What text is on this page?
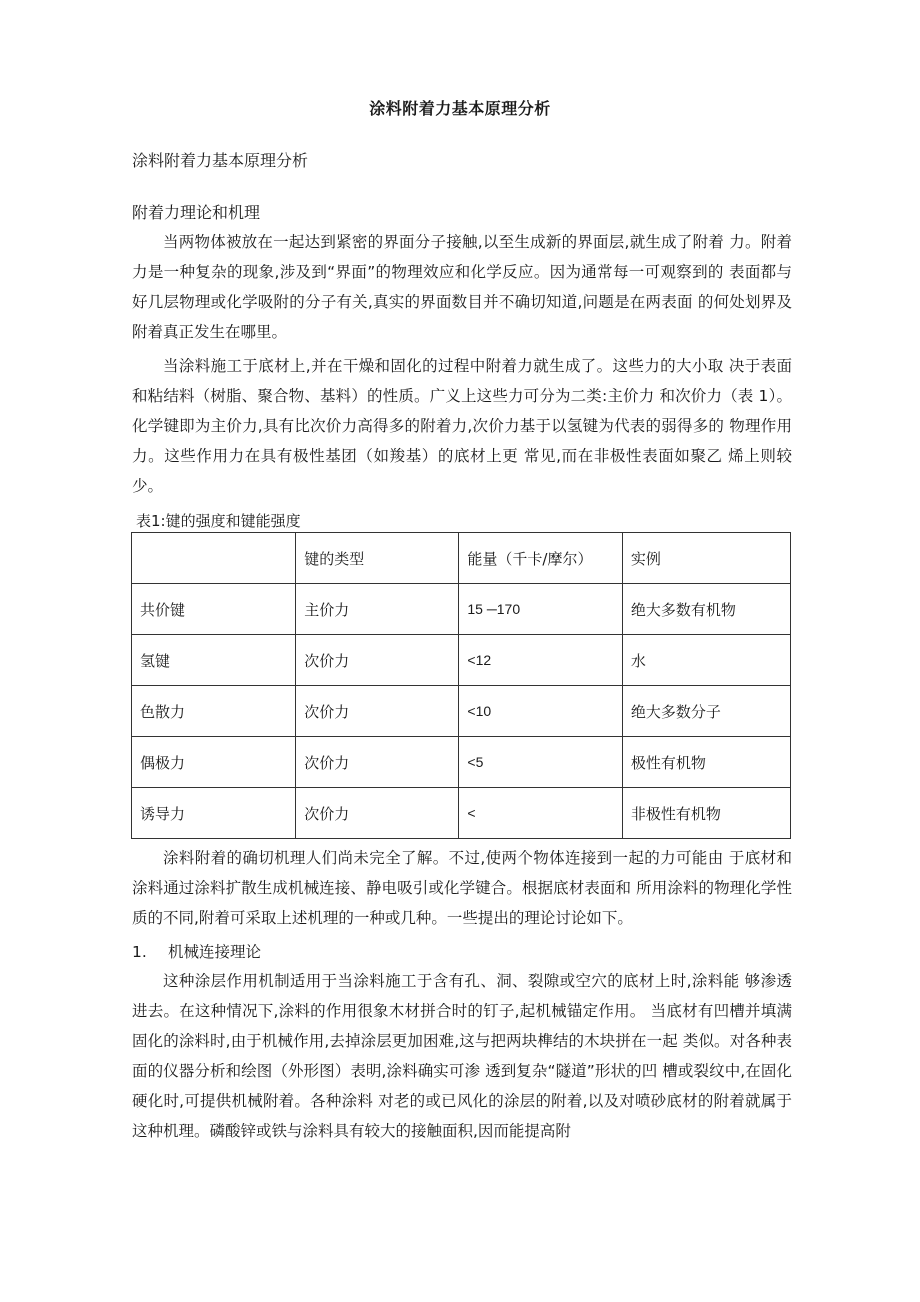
涂料附着力基本原理分析
涂料附着力基本原理分析
附着力理论和机理

当两物体被放在一起达到紧密的界面分子接触,以至生成新的界面层,就生成了附着 力。附着力是一种复杂的现象,涉及到“界面”的物理效应和化学反应。因为通常每一可观察到的 表面都与好几层物理或化学吸附的分子有关,真实的界面数目并不确切知道,问题是在两表面 的何处划界及附着真正发生在哪里。

当涂料施工于底材上,并在干燥和固化的过程中附着力就生成了。这些力的大小取 决于表面和粘结料（树脂、聚合物、基料）的性质。广义上这些力可分为二类:主价力 和次价力（表 1）。化学键即为主价力,具有比次价力高得多的附着力,次价力基于以氢键为代表的弱得多的 物理作用力。这些作用力在具有极性基团（如羧基）的底材上更 常见,而在非极性表面如聚乙 烯上则较少。

表1:键的强度和键能强度
	键的类型	能量（千卡/摩尔）	实例
共价键	主价力	15 ─170	绝大多数有机物
氢键	次价力	<12	水
色散力	次价力	<10	绝大多数分子
偶极力	次价力	<5	极性有机物
诱导力	次价力	<	非极性有机物

涂料附着的确切机理人们尚未完全了解。不过,使两个物体连接到一起的力可能由 于底材和涂料通过涂料扩散生成机械连接、静电吸引或化学键合。根据底材表面和 所用涂料的物理化学性质的不同,附着可采取上述机理的一种或几种。一些提出的理论讨论如下。

1. 机械连接理论

这种涂层作用机制适用于当涂料施工于含有孔、洞、裂隙或空穴的底材上时,涂料能 够渗透进去。在这种情况下,涂料的作用很象木材拼合时的钉子,起机械锚定作用。 当底材有凹槽并填满固化的涂料时,由于机械作用,去掉涂层更加困难,这与把两块榫结的木块拼在一起 类似。对各种表面的仪器分析和绘图（外形图）表明,涂料确实可渗 透到复杂“隧道”形状的凹 槽或裂纹中,在固化硬化时,可提供机械附着。各种涂料 对老的或已风化的涂层的附着,以及对喷砂底材的附着就属于这种机理。磷酸锌或铁与涂料具有较大的接触面积,因而能提高附
